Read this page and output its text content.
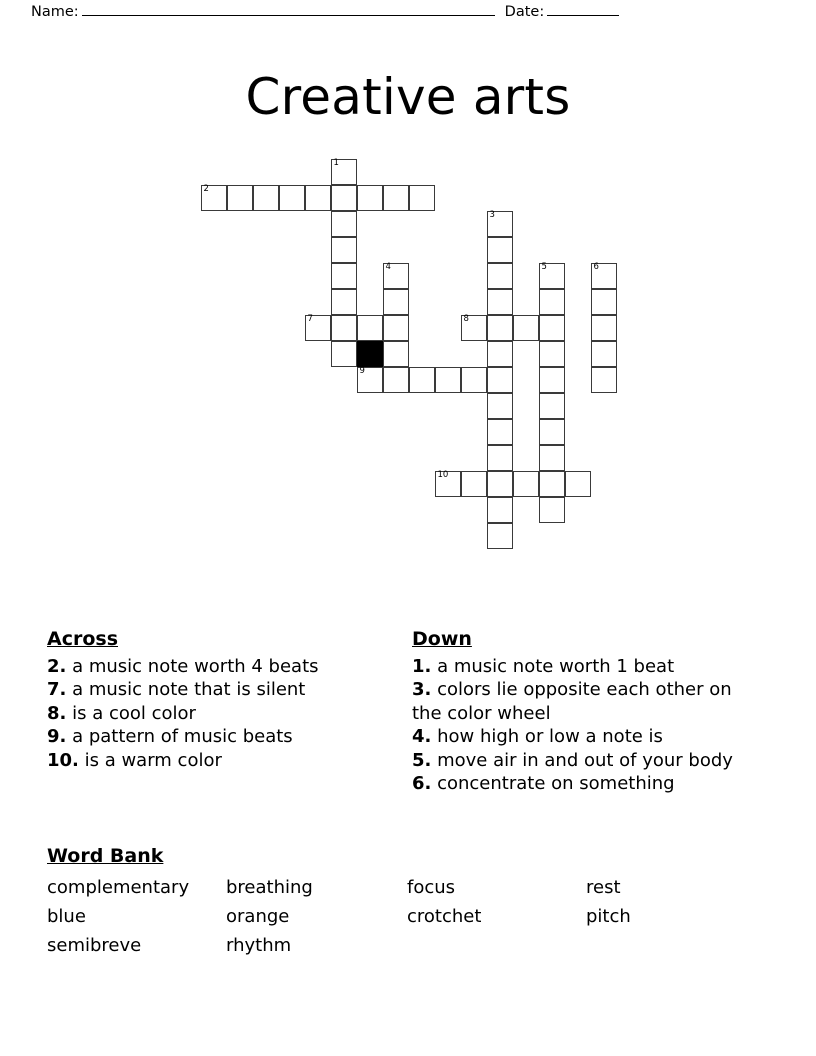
Name:	Date:
Creative arts
1
2
3
4	5	6
7	8
9
10
Across
2. a music note worth 4 beats
7. a music note that is silent
8. is a cool color
9. a pattern of music beats
10. is a warm color
Down
1. a music note worth 1 beat
3. colors lie opposite each other on the color wheel
4. how high or low a note is
5. move air in and out of your body
6. concentrate on something
Word Bank
complementary	breathing	focus	rest
blue	orange	crotchet	pitch
semibreve	rhythm
